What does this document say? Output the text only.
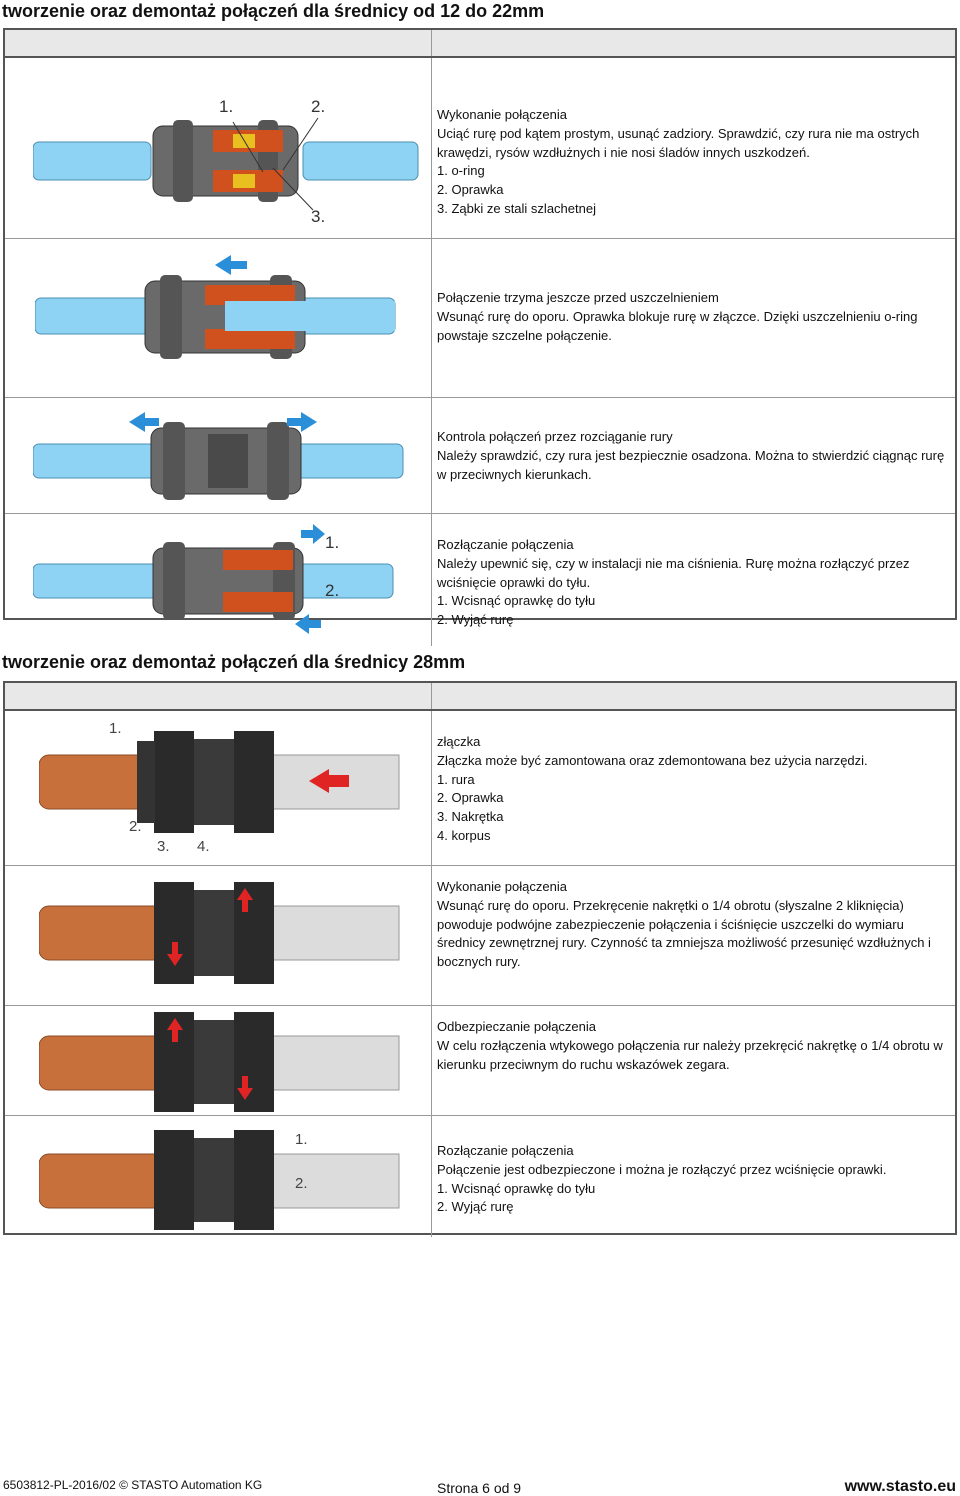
tworzenie oraz demontaż połączeń dla średnicy od 12 do 22mm
1.	2.
3.
Wykonanie połączenia
Uciąć rurę pod kątem prostym, usunąć zadziory. Sprawdzić, czy rura nie ma ostrych krawędzi, rysów wzdłużnych i nie nosi śladów innych uszkodzeń.
1. o-ring
2. Oprawka
3. Ząbki ze stali szlachetnej
Połączenie trzyma jeszcze przed uszczelnieniem
Wsunąć rurę do oporu. Oprawka blokuje rurę w złączce. Dzięki uszczelnieniu o-ring powstaje szczelne połączenie.
Kontrola połączeń przez rozciąganie rury
Należy sprawdzić, czy rura jest bezpiecznie osadzona. Można to stwierdzić ciągnąc rurę w przeciwnych kierunkach.
1.
2.
Rozłączanie połączenia
Należy upewnić się, czy w instalacji nie ma ciśnienia. Rurę można rozłączyć przez wciśnięcie oprawki do tyłu.
1. Wcisnąć oprawkę do tyłu
2. Wyjąć rurę
tworzenie oraz demontaż połączeń dla średnicy 28mm
1.
2.
3. 4.
złączka
Złączka może być zamontowana oraz zdemontowana bez użycia narzędzi.
1. rura
2. Oprawka
3. Nakrętka
4. korpus
Wykonanie połączenia
Wsunąć rurę do oporu. Przekręcenie nakrętki o 1/4 obrotu (słyszalne 2 kliknięcia) powoduje podwójne zabezpieczenie połączenia i ściśnięcie uszczelki do wymiaru średnicy zewnętrznej rury. Czynność ta zmniejsza możliwość przesunięć wzdłużnych i bocznych rury.
Odbezpieczanie połączenia
W celu rozłączenia wtykowego połączenia rur należy przekręcić nakrętkę o 1/4 obrotu w kierunku przeciwnym do ruchu wskazówek zegara.
1.
2.
Rozłączanie połączenia
Połączenie jest odbezpieczone i można je rozłączyć przez wciśnięcie oprawki.
1. Wcisnąć oprawkę do tyłu
2. Wyjąć rurę
6503812-PL-2016/02 © STASTO Automation KG	Strona 6 od 9	www.stasto.eu
